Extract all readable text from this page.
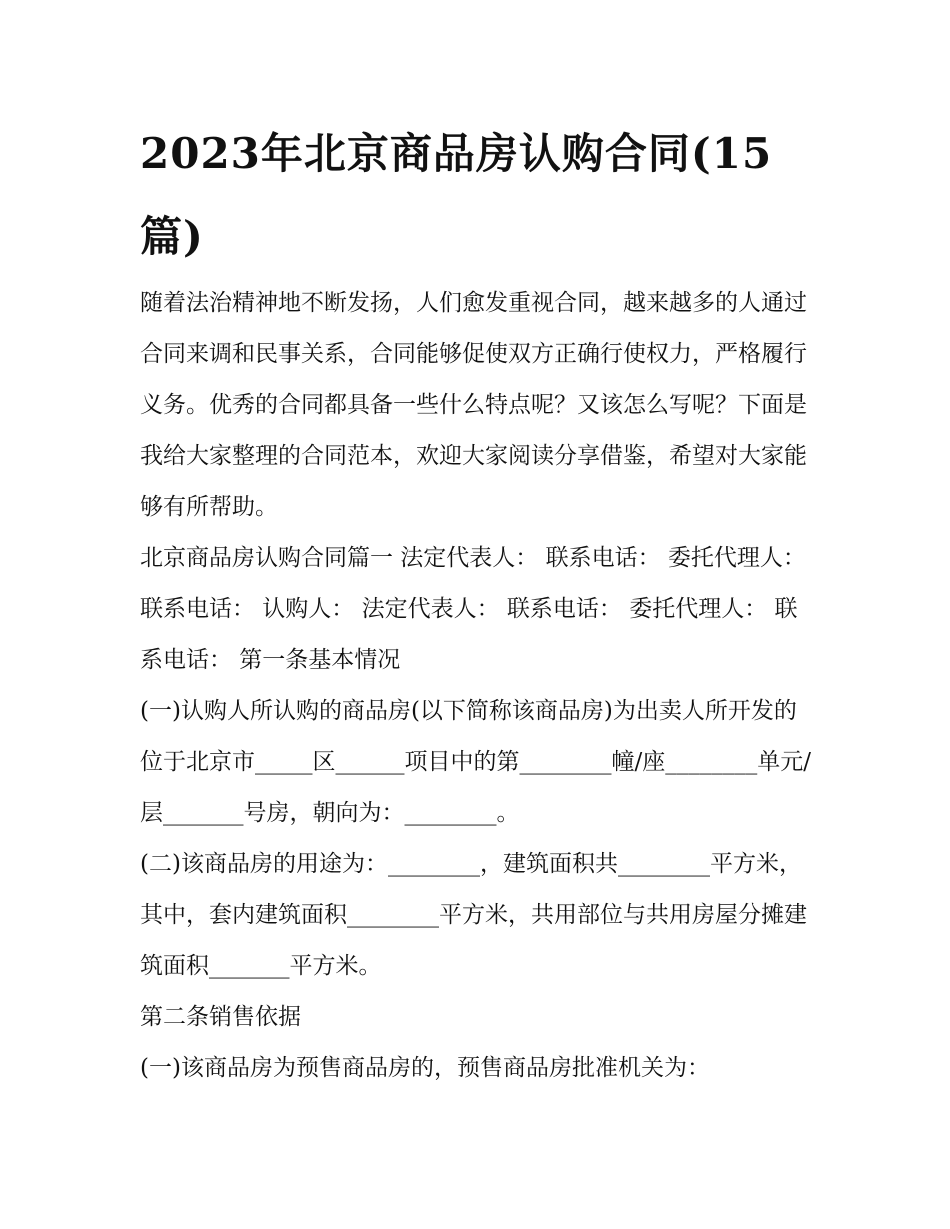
2023年北京商品房认购合同(15篇)

随着法治精神地不断发扬，人们愈发重视合同，越来越多的人通过合同来调和民事关系，合同能够促使双方正确行使权力，严格履行义务。优秀的合同都具备一些什么特点呢？又该怎么写呢？下面是我给大家整理的合同范本，欢迎大家阅读分享借鉴，希望对大家能够有所帮助。

北京商品房认购合同篇一 法定代表人： 联系电话： 委托代理人： 联系电话： 认购人： 法定代表人： 联系电话： 委托代理人： 联系电话： 第一条基本情况

(一)认购人所认购的商品房(以下简称该商品房)为出卖人所开发的位于北京市_____区______项目中的第________幢/座________单元/层_______号房，朝向为：________。

(二)该商品房的用途为：________，建筑面积共________平方米，其中，套内建筑面积________平方米，共用部位与共用房屋分摊建筑面积_______平方米。

第二条销售依据

(一)该商品房为预售商品房的，预售商品房批准机关为：
